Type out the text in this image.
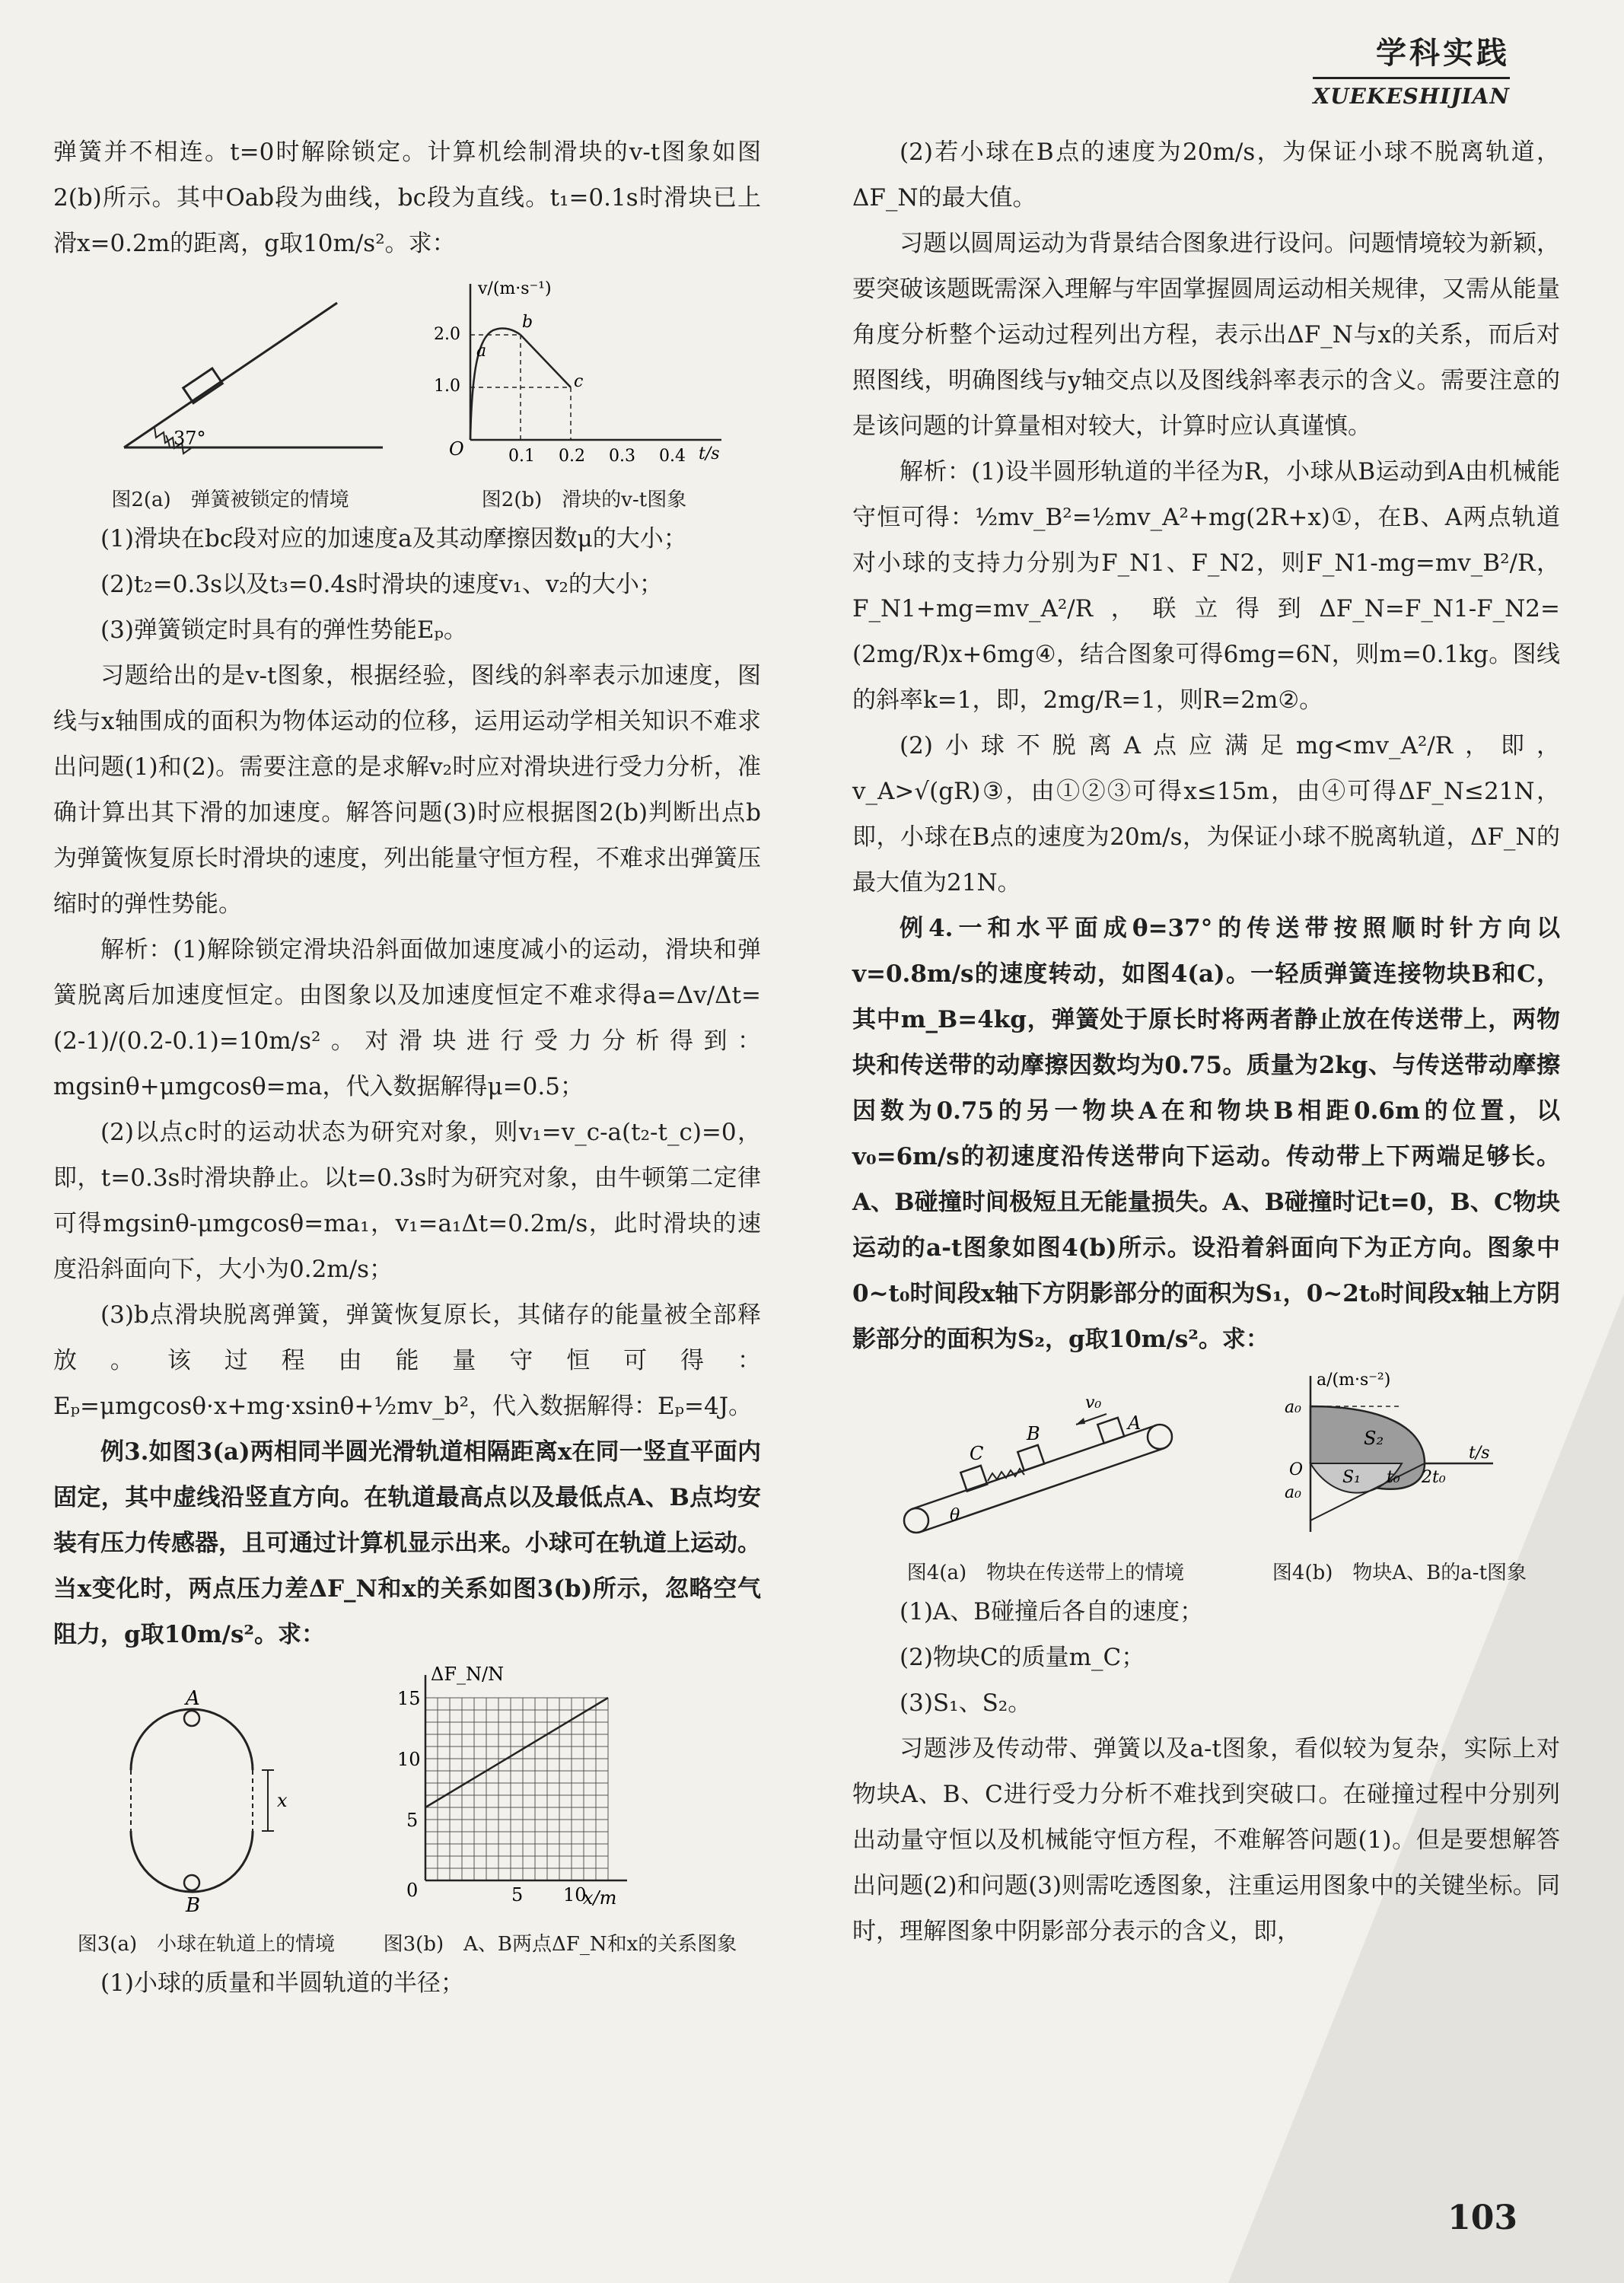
学科实践
XUEKESHIJIAN

弹簧并不相连。t=0时解除锁定。计算机绘制滑块的v-t图象如图2(b)所示。其中Oab段为曲线，bc段为直线。t₁=0.1s时滑块已上滑x=0.2m的距离，g取10m/s²。求：

37°
图2(a)　弹簧被锁定的情境
v/(m·s⁻¹)
t/s
O
2.0
1.0
0.1 0.2 0.3 0.4
a
b
c
图2(b)　滑块的v-t图象

(1)滑块在bc段对应的加速度a及其动摩擦因数μ的大小；

(2)t₂=0.3s以及t₃=0.4s时滑块的速度v₁、v₂的大小；

(3)弹簧锁定时具有的弹性势能Eₚ。

习题给出的是v-t图象，根据经验，图线的斜率表示加速度，图线与x轴围成的面积为物体运动的位移，运用运动学相关知识不难求出问题(1)和(2)。需要注意的是求解v₂时应对滑块进行受力分析，准确计算出其下滑的加速度。解答问题(3)时应根据图2(b)判断出点b为弹簧恢复原长时滑块的速度，列出能量守恒方程，不难求出弹簧压缩时的弹性势能。

解析：(1)解除锁定滑块沿斜面做加速度减小的运动，滑块和弹簧脱离后加速度恒定。由图象以及加速度恒定不难求得a=Δv/Δt=(2-1)/(0.2-0.1)=10m/s²。对滑块进行受力分析得到：mgsinθ+μmgcosθ=ma，代入数据解得μ=0.5；

(2)以点c时的运动状态为研究对象，则v₁=v_c-a(t₂-t_c)=0，即，t=0.3s时滑块静止。以t=0.3s时为研究对象，由牛顿第二定律可得mgsinθ-μmgcosθ=ma₁，v₁=a₁Δt=0.2m/s，此时滑块的速度沿斜面向下，大小为0.2m/s；

(3)b点滑块脱离弹簧，弹簧恢复原长，其储存的能量被全部释放。该过程由能量守恒可得：Eₚ=μmgcosθ·x+mg·xsinθ+½mv_b²，代入数据解得：Eₚ=4J。

例3.如图3(a)两相同半圆光滑轨道相隔距离x在同一竖直平面内固定，其中虚线沿竖直方向。在轨道最高点以及最低点A、B点均安装有压力传感器，且可通过计算机显示出来。小球可在轨道上运动。当x变化时，两点压力差ΔF_N和x的关系如图3(b)所示，忽略空气阻力，g取10m/s²。求：

A
B
x
图3(a)　小球在轨道上的情境
ΔF_N/N
x/m
0
15
10
5
5 10
图3(b)　A、B两点ΔF_N和x的关系图象

(1)小球的质量和半圆轨道的半径；

(2)若小球在B点的速度为20m/s，为保证小球不脱离轨道，ΔF_N的最大值。

习题以圆周运动为背景结合图象进行设问。问题情境较为新颖，要突破该题既需深入理解与牢固掌握圆周运动相关规律，又需从能量角度分析整个运动过程列出方程，表示出ΔF_N与x的关系，而后对照图线，明确图线与y轴交点以及图线斜率表示的含义。需要注意的是该问题的计算量相对较大，计算时应认真谨慎。

解析：(1)设半圆形轨道的半径为R，小球从B运动到A由机械能守恒可得：½mv_B²=½mv_A²+mg(2R+x)①，在B、A两点轨道对小球的支持力分别为F_N1、F_N2，则F_N1-mg=mv_B²/R，F_N1+mg=mv_A²/R，联立得到ΔF_N=F_N1-F_N2=(2mg/R)x+6mg④，结合图象可得6mg=6N，则m=0.1kg。图线的斜率k=1，即，2mg/R=1，则R=2m②。

(2)小球不脱离A点应满足mg<mv_A²/R，即，v_A>√(gR)③，由①②③可得x≤15m，由④可得ΔF_N≤21N，即，小球在B点的速度为20m/s，为保证小球不脱离轨道，ΔF_N的最大值为21N。

例4.一和水平面成θ=37°的传送带按照顺时针方向以v=0.8m/s的速度转动，如图4(a)。一轻质弹簧连接物块B和C，其中m_B=4kg，弹簧处于原长时将两者静止放在传送带上，两物块和传送带的动摩擦因数均为0.75。质量为2kg、与传送带动摩擦因数为0.75的另一物块A在和物块B相距0.6m的位置，以v₀=6m/s的初速度沿传送带向下运动。传动带上下两端足够长。A、B碰撞时间极短且无能量损失。A、B碰撞时记t=0，B、C物块运动的a-t图象如图4(b)所示。设沿着斜面向下为正方向。图象中0~t₀时间段x轴下方阴影部分的面积为S₁，0~2t₀时间段x轴上方阴影部分的面积为S₂，g取10m/s²。求：

C
B	A
v₀
θ
图4(a)　物块在传送带上的情境
a/(m·s⁻²)
t/s
a₀
O
a₀
S₂
S₁ t₀ 2t₀
图4(b)　物块A、B的a-t图象

(1)A、B碰撞后各自的速度；

(2)物块C的质量m_C；

(3)S₁、S₂。

习题涉及传动带、弹簧以及a-t图象，看似较为复杂，实际上对物块A、B、C进行受力分析不难找到突破口。在碰撞过程中分别列出动量守恒以及机械能守恒方程，不难解答问题(1)。但是要想解答出问题(2)和问题(3)则需吃透图象，注重运用图象中的关键坐标。同时，理解图象中阴影部分表示的含义，即，

103
